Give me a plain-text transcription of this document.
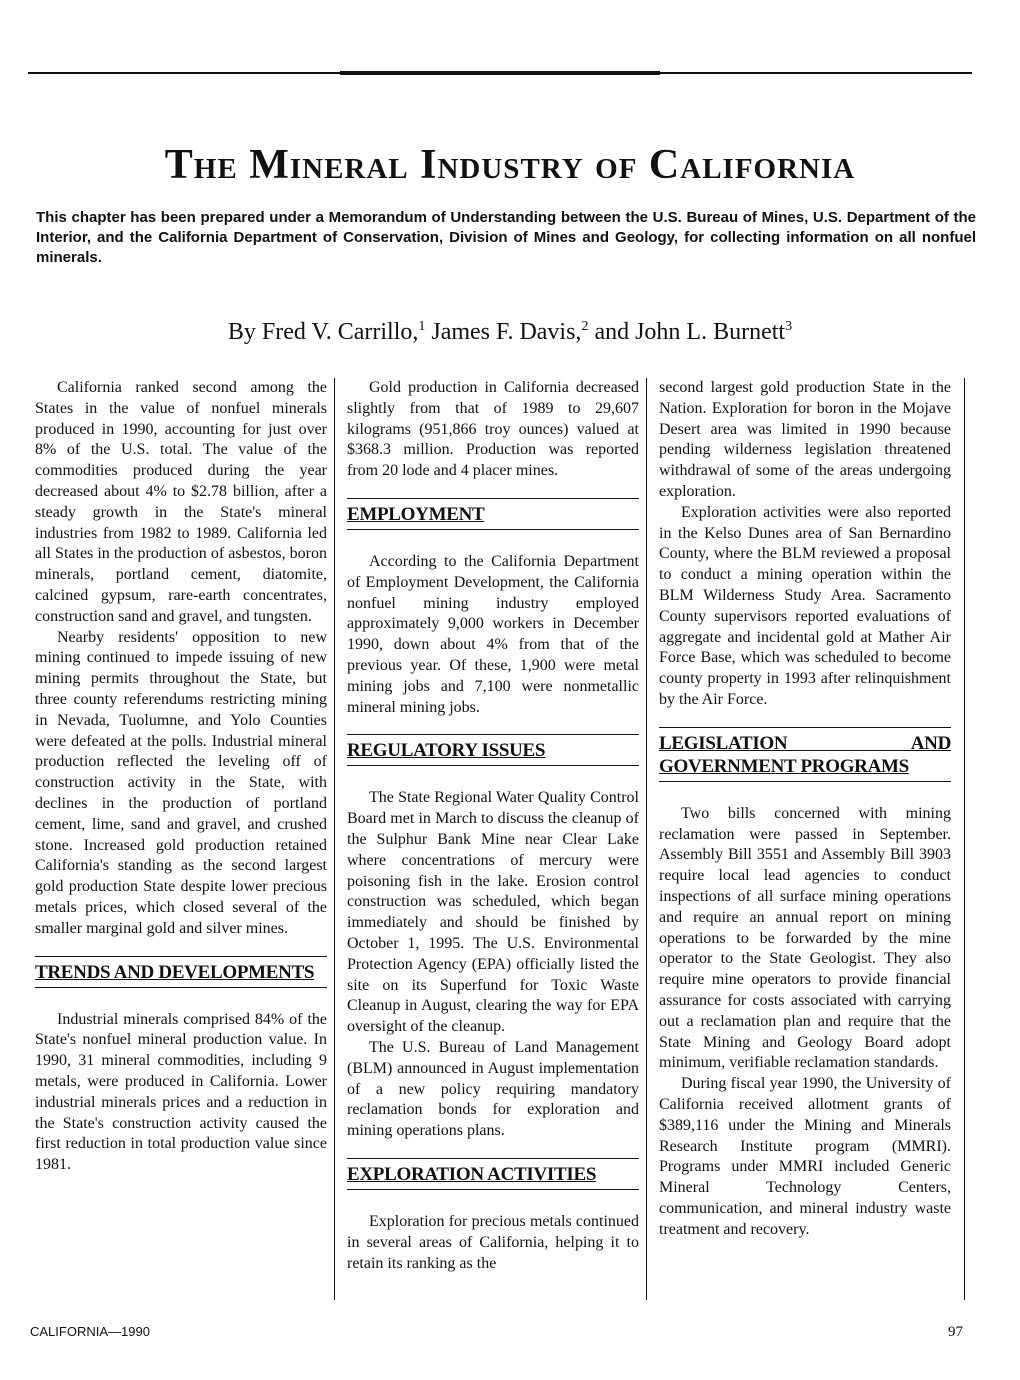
The Mineral Industry of California
This chapter has been prepared under a Memorandum of Understanding between the U.S. Bureau of Mines, U.S. Department of the Interior, and the California Department of Conservation, Division of Mines and Geology, for collecting information on all nonfuel minerals.
By Fred V. Carrillo,$^1$ James F. Davis,$^2$ and John L. Burnett$^3$

California ranked second among the States in the value of nonfuel minerals produced in 1990, accounting for just over 8% of the U.S. total. The value of the commodities produced during the year decreased about 4% to $2.78 billion, after a steady growth in the State's mineral industries from 1982 to 1989. California led all States in the production of asbestos, boron minerals, portland cement, diatomite, calcined gypsum, rare-earth concentrates, construction sand and gravel, and tungsten.

Nearby residents' opposition to new mining continued to impede issuing of new mining permits throughout the State, but three county referendums restricting mining in Nevada, Tuolumne, and Yolo Counties were defeated at the polls. Industrial mineral production reflected the leveling off of construction activity in the State, with declines in the production of portland cement, lime, sand and gravel, and crushed stone. Increased gold production retained California's standing as the second largest gold production State despite lower precious metals prices, which closed several of the smaller marginal gold and silver mines.

TRENDS AND DEVELOPMENTS

Industrial minerals comprised 84% of the State's nonfuel mineral production value. In 1990, 31 mineral commodities, including 9 metals, were produced in California. Lower industrial minerals prices and a reduction in the State's construction activity caused the first reduction in total production value since 1981.

Gold production in California decreased slightly from that of 1989 to 29,607 kilograms (951,866 troy ounces) valued at $368.3 million. Production was reported from 20 lode and 4 placer mines.

EMPLOYMENT

According to the California Department of Employment Development, the California nonfuel mining industry employed approximately 9,000 workers in December 1990, down about 4% from that of the previous year. Of these, 1,900 were metal mining jobs and 7,100 were nonmetallic mineral mining jobs.

REGULATORY ISSUES

The State Regional Water Quality Control Board met in March to discuss the cleanup of the Sulphur Bank Mine near Clear Lake where concentrations of mercury were poisoning fish in the lake. Erosion control construction was scheduled, which began immediately and should be finished by October 1, 1995. The U.S. Environmental Protection Agency (EPA) officially listed the site on its Superfund for Toxic Waste Cleanup in August, clearing the way for EPA oversight of the cleanup.

The U.S. Bureau of Land Management (BLM) announced in August implementation of a new policy requiring mandatory reclamation bonds for exploration and mining operations plans.

EXPLORATION ACTIVITIES

Exploration for precious metals continued in several areas of California, helping it to retain its ranking as the

second largest gold production State in the Nation. Exploration for boron in the Mojave Desert area was limited in 1990 because pending wilderness legislation threatened withdrawal of some of the areas undergoing exploration.

Exploration activities were also reported in the Kelso Dunes area of San Bernardino County, where the BLM reviewed a proposal to conduct a mining operation within the BLM Wilderness Study Area. Sacramento County supervisors reported evaluations of aggregate and incidental gold at Mather Air Force Base, which was scheduled to become county property in 1993 after relinquishment by the Air Force.

LEGISLATION AND GOVERNMENT PROGRAMS

Two bills concerned with mining reclamation were passed in September. Assembly Bill 3551 and Assembly Bill 3903 require local lead agencies to conduct inspections of all surface mining operations and require an annual report on mining operations to be forwarded by the mine operator to the State Geologist. They also require mine operators to provide financial assurance for costs associated with carrying out a reclamation plan and require that the State Mining and Geology Board adopt minimum, verifiable reclamation standards.

During fiscal year 1990, the University of California received allotment grants of $389,116 under the Mining and Minerals Research Institute program (MMRI). Programs under MMRI included Generic Mineral Technology Centers, communication, and mineral industry waste treatment and recovery.

CALIFORNIA—1990	97
